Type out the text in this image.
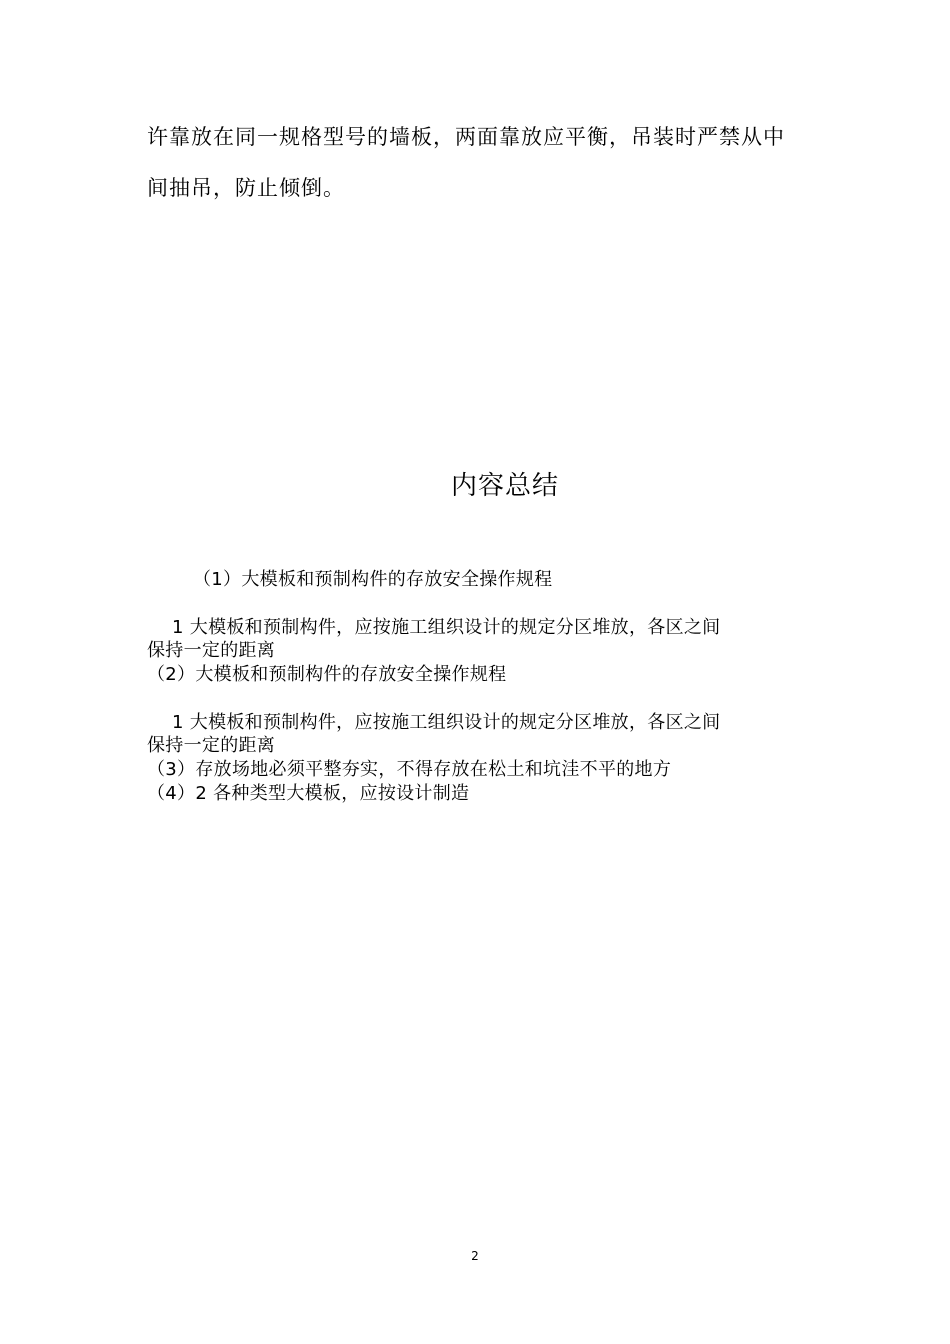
许靠放在同一规格型号的墙板，两面靠放应平衡，吊装时严禁从中
间抽吊，防止倾倒。
内容总结
（1）大模板和预制构件的存放安全操作规程
1 大模板和预制构件，应按施工组织设计的规定分区堆放，各区之间
保持一定的距离
（2）大模板和预制构件的存放安全操作规程
1 大模板和预制构件，应按施工组织设计的规定分区堆放，各区之间
保持一定的距离
（3）存放场地必须平整夯实，不得存放在松土和坑洼不平的地方
（4）2 各种类型大模板，应按设计制造
2
